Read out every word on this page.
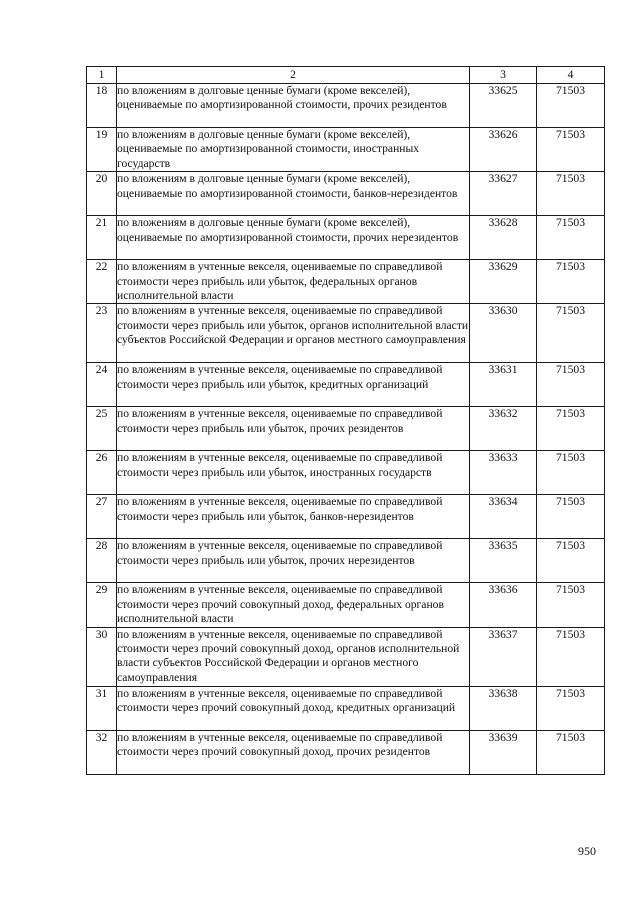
1	2	3	4
18	по вложениям в долговые ценные бумаги (кроме векселей), оцениваемые по амортизированной стоимости, прочих резидентов	33625	71503
19	по вложениям в долговые ценные бумаги (кроме векселей), оцениваемые по амортизированной стоимости, иностранных государств	33626	71503
20	по вложениям в долговые ценные бумаги (кроме векселей), оцениваемые по амортизированной стоимости, банков-нерезидентов	33627	71503
21	по вложениям в долговые ценные бумаги (кроме векселей), оцениваемые по амортизированной стоимости, прочих нерезидентов	33628	71503
22	по вложениям в учтенные векселя, оцениваемые по справедливой стоимости через прибыль или убыток, федеральных органов исполнительной власти	33629	71503
23	по вложениям в учтенные векселя, оцениваемые по справедливой стоимости через прибыль или убыток, органов исполнительной власти субъектов Российской Федерации и органов местного самоуправления	33630	71503
24	по вложениям в учтенные векселя, оцениваемые по справедливой стоимости через прибыль или убыток, кредитных организаций	33631	71503
25	по вложениям в учтенные векселя, оцениваемые по справедливой стоимости через прибыль или убыток, прочих резидентов	33632	71503
26	по вложениям в учтенные векселя, оцениваемые по справедливой стоимости через прибыль или убыток, иностранных государств	33633	71503
27	по вложениям в учтенные векселя, оцениваемые по справедливой стоимости через прибыль или убыток, банков-нерезидентов	33634	71503
28	по вложениям в учтенные векселя, оцениваемые по справедливой стоимости через прибыль или убыток, прочих нерезидентов	33635	71503
29	по вложениям в учтенные векселя, оцениваемые по справедливой стоимости через прочий совокупный доход, федеральных органов исполнительной власти	33636	71503
30	по вложениям в учтенные векселя, оцениваемые по справедливой стоимости через прочий совокупный доход, органов исполнительной власти субъектов Российской Федерации и органов местного самоуправления	33637	71503
31	по вложениям в учтенные векселя, оцениваемые по справедливой стоимости через прочий совокупный доход, кредитных организаций	33638	71503
32	по вложениям в учтенные векселя, оцениваемые по справедливой стоимости через прочий совокупный доход, прочих резидентов	33639	71503
950
